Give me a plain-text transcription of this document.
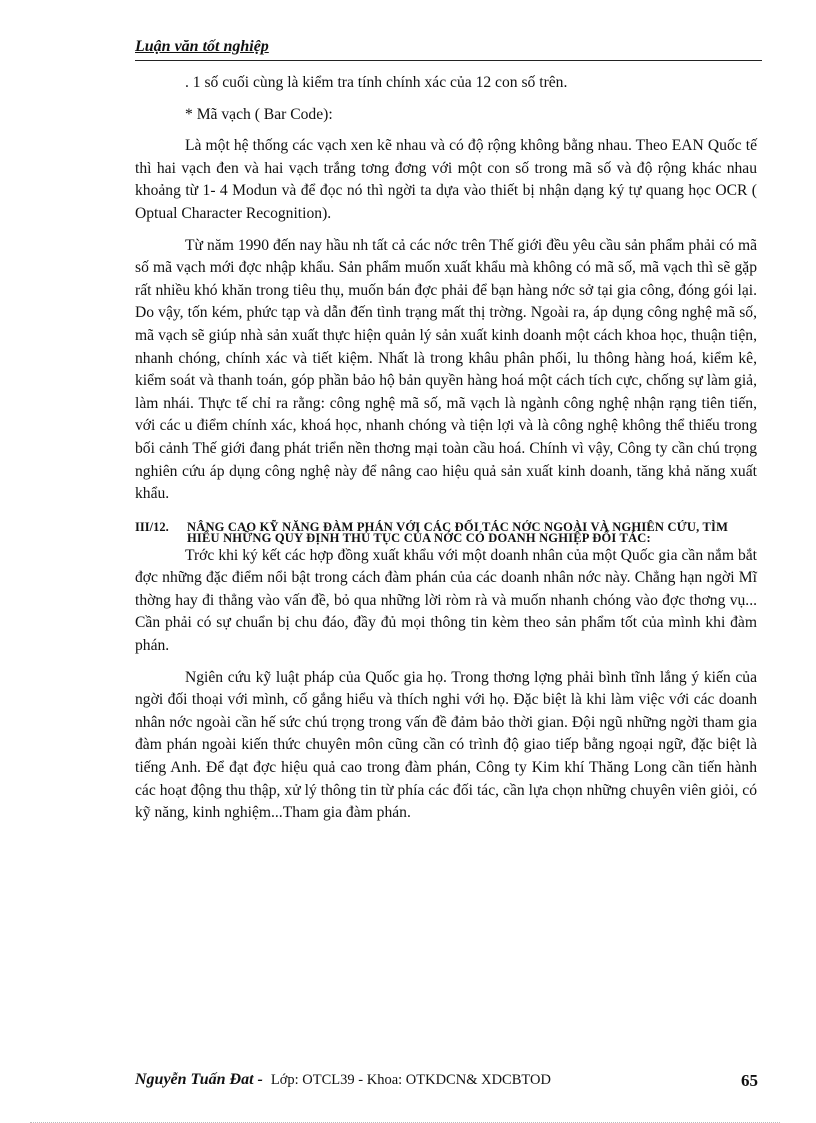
Luận văn tốt nghiệp

. 1 số cuối cùng là kiểm tra tính chính xác của 12 con số trên.

* Mã vạch ( Bar Code):

Là một hệ thống các vạch xen kẽ nhau và có độ rộng không bằng nhau. Theo EAN Quốc tế thì hai vạch đen và hai vạch trắng tơng đơng với một con số trong mã số và độ rộng khác nhau khoảng từ 1- 4 Modun và để đọc nó thì ngời ta dựa vào thiết bị nhận dạng ký tự quang học OCR ( Optual Character Recognition).

Từ năm 1990 đến nay hầu nh tất cả các nớc trên Thế giới đều yêu cầu sản phẩm phải có mã số mã vạch mới đợc nhập khẩu. Sản phẩm muốn xuất khẩu mà không có mã số, mã vạch thì sẽ gặp rất nhiều khó khăn trong tiêu thụ, muốn bán đợc phải để bạn hàng nớc sở tại gia công, đóng gói lại. Do vậy, tốn kém, phức tạp và dẫn đến tình trạng mất thị trờng. Ngoài ra, áp dụng công nghệ mã số, mã vạch sẽ giúp nhà sản xuất thực hiện quản lý sản xuất kinh doanh một cách khoa học, thuận tiện, nhanh chóng, chính xác và tiết kiệm. Nhất là trong khâu phân phối, lu thông hàng hoá, kiểm kê, kiểm soát và thanh toán, góp phần bảo hộ bản quyền hàng hoá một cách tích cực, chống sự làm giả, làm nhái. Thực tế chỉ ra rằng: công nghệ mã số, mã vạch là ngành công nghệ nhận rạng tiên tiến, với các u điểm chính xác, khoá học, nhanh chóng và tiện lợi và là công nghệ không thể thiếu trong bối cảnh Thế giới đang phát triển nền thơng mại toàn cầu hoá. Chính vì vậy, Công ty cần chú trọng nghiên cứu áp dụng công nghệ này để nâng cao hiệu quả sản xuất kinh doanh, tăng khả năng xuất khẩu.

III/12.	NÂNG CAO KỸ NĂNG ĐÀM PHÁN VỚI CÁC ĐỐI TÁC NỚC NGOÀI VÀ NGHIÊN CỨU, TÌM HIỂU NHỮNG QUY ĐỊNH THỦ TỤC CỦA NỚC CÓ DOANH NGHIỆP ĐỐI TÁC:

Trớc khi ký kết các hợp đồng xuất khẩu với một doanh nhân của một Quốc gia cần nắm bắt đợc những đặc điểm nổi bật trong cách đàm phán của các doanh nhân nớc này. Chẳng hạn ngời Mĩ thờng hay đi thẳng vào vấn đề, bỏ qua những lời ròm rà và muốn nhanh chóng vào đợc thơng vụ... Cần phải có sự chuẩn bị chu đáo, đầy đủ mọi thông tin kèm theo sản phẩm tốt của mình khi đàm phán.

Ngiên cứu kỹ luật pháp của Quốc gia họ. Trong thơng lợng phải bình tĩnh lắng ý kiến của ngời đối thoại với mình, cố gắng hiểu và thích nghi với họ. Đặc biệt là khi làm việc với các doanh nhân nớc ngoài cần hế sức chú trọng trong vấn đề đảm bảo thời gian. Đội ngũ những ngời tham gia đàm phán ngoài kiến thức chuyên môn cũng cần có trình độ giao tiếp bằng ngoại ngữ, đặc biệt là tiếng Anh. Để đạt đợc hiệu quả cao trong đàm phán, Công ty Kim khí Thăng Long cần tiến hành các hoạt động thu thập, xử lý thông tin từ phía các đối tác, cần lựa chọn những chuyên viên giỏi, có kỹ năng, kinh nghiệm...Tham gia đàm phán.

Nguyễn Tuấn Đat - Lớp: OTCL39 - Khoa: OTKDCN& XDCBTOD	65
